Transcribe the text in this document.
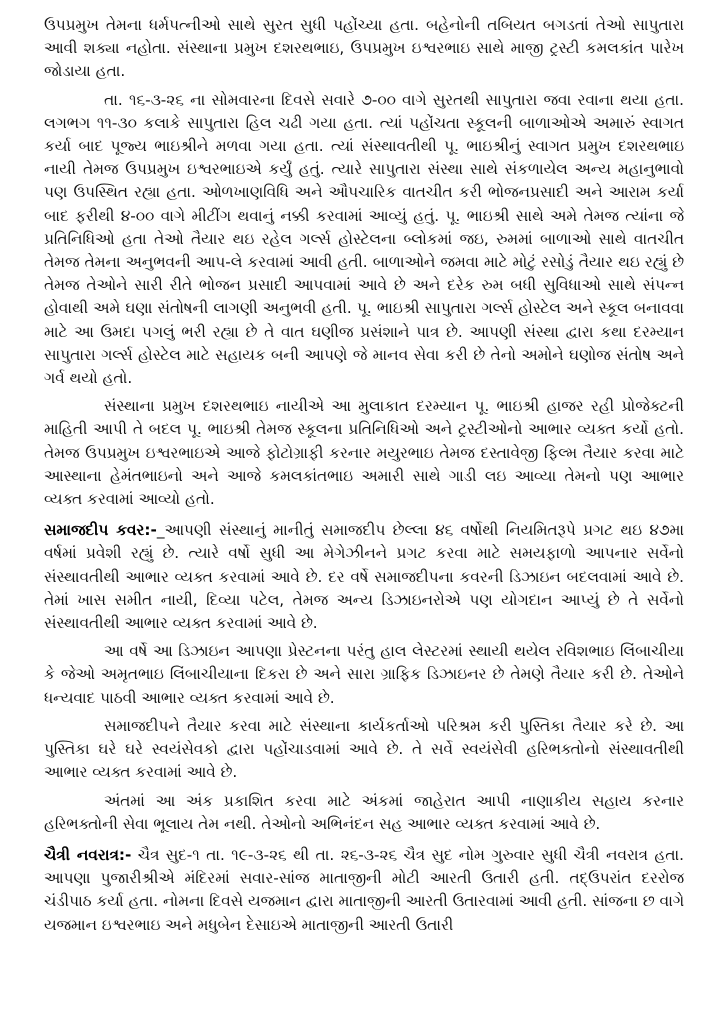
ઉપપ્રમુખ તેમના ધર્મપત્નીઓ સાથે સુરત સુધી પહોંચ્યા હતા. બહેનોની તબિયત બગડતાં તેઓ સાપુતારા આવી શક્યા નહોતા. સંસ્થાના પ્રમુખ દશરથભાઇ, ઉપપ્રમુખ ઇશ્વરભાઇ સાથે માજી ટ્રસ્ટી કમલકાંત પારેખ જોડાયા હતા.

તા. ૧૬-૩-૨૬ ના સોમવારના દિવસે સવારે ૭-૦૦ વાગે સુરતથી સાપુતારા જવા રવાના થયા હતા. લગભગ ૧૧-૩૦ કલાકે સાપુતારા હિલ ચઢી ગયા હતા. ત્યાં પહોંચતા સ્કૂલની બાળાઓએ અમારું સ્વાગત કર્યા બાદ પૂજ્ય ભાઇશ્રીને મળવા ગયા હતા. ત્યાં સંસ્થાવતીથી પૂ. ભાઇશ્રીનું સ્વાગત પ્રમુખ દશરથભાઇ નાયી તેમજ ઉપપ્રમુખ ઇશ્વરભાઇએ કર્યું હતું. ત્યારે સાપુતારા સંસ્થા સાથે સંકળાયેલ અન્ય મહાનુભાવો પણ ઉપસ્થિત રહ્યા હતા. ઓળખાણવિધિ અને ઔપચારિક વાતચીત કરી ભોજનપ્રસાદી અને આરામ કર્યા બાદ ફરીથી ૪-૦૦ વાગે મીટીંગ થવાનું નક્કી કરવામાં આવ્યું હતું. પૂ. ભાઇશ્રી સાથે અમે તેમજ ત્યાંના જે પ્રતિનિધિઓ હતા તેઓ તૈયાર થઇ રહેલ ગર્લ્સ હોસ્ટેલના બ્લોકમાં જઇ, રુમમાં બાળાઓ સાથે વાતચીત તેમજ તેમના અનુભવની આપ-લે કરવામાં આવી હતી. બાળાઓને જમવા માટે મોટું રસોડું તૈયાર થઇ રહ્યું છે તેમજ તેઓને સારી રીતે ભોજન પ્રસાદી આપવામાં આવે છે અને દરેક રુમ બધી સુવિધાઓ સાથે સંપન્ન હોવાથી અમે ઘણા સંતોષની લાગણી અનુભવી હતી. પૂ. ભાઇશ્રી સાપુતારા ગર્લ્સ હોસ્ટેલ અને સ્કૂલ બનાવવા માટે આ ઉમદા પગલું ભરી રહ્યા છે તે વાત ઘણીજ પ્રસંશાને પાત્ર છે. આપણી સંસ્થા દ્વારા કથા દરમ્યાન સાપુતારા ગર્લ્સ હોસ્ટેલ માટે સહાયક બની આપણે જે માનવ સેવા કરી છે તેનો અમોને ઘણોજ સંતોષ અને ગર્વ થયો હતો.

સંસ્થાના પ્રમુખ દશરથભાઇ નાયીએ આ મુલાકાત દરમ્યાન પૂ. ભાઇશ્રી હાજર રહી પ્રોજેક્ટની માહિતી આપી તે બદલ પૂ. ભાઇશ્રી તેમજ સ્કૂલના પ્રતિનિધિઓ અને ટ્રસ્ટીઓનો આભાર વ્યક્ત કર્યો હતો. તેમજ ઉપપ્રમુખ ઇશ્વરભાઇએ આજે ફોટોગ્રાફી કરનાર મયુરભાઇ તેમજ દસ્તાવેજી ફિલ્મ તૈયાર કરવા માટે આસ્થાના હેમંતભાઇનો અને આજે કમલકાંતભાઇ અમારી સાથે ગાડી લઇ આવ્યા તેમનો પણ આભાર વ્યક્ત કરવામાં આવ્યો હતો.

સમાજદીપ કવર:-_આપણી સંસ્થાનું માનીતું સમાજદીપ છેલ્લા ૪૬ વર્ષોથી નિયમિતરૂપે પ્રગટ થઇ ૪૭મા વર્ષમાં પ્રવેશી રહ્યું છે. ત્યારે વર્ષો સુધી આ મેગેઝીનને પ્રગટ કરવા માટે સમયફાળો આપનાર સર્વેનો સંસ્થાવતીથી આભાર વ્યક્ત કરવામાં આવે છે. દર વર્ષે સમાજદીપના કવરની ડિઝાઇન બદલવામાં આવે છે. તેમાં ખાસ સમીત નાયી, દિવ્યા પટેલ, તેમજ અન્ય ડિઝાઇનરોએ પણ યોગદાન આપ્યું છે તે સર્વેનો સંસ્થાવતીથી આભાર વ્યક્ત કરવામાં આવે છે.

આ વર્ષે આ ડિઝાઇન આપણા પ્રેસ્ટનના પરંતુ હાલ લેસ્ટરમાં સ્થાયી થયેલ રવિશભાઇ લિંબાચીયા કે જેઓ અમૃતભાઇ લિંબાચીયાના દિકરા છે અને સારા ગ્રાફિક ડિઝાઇનર છે તેમણે તૈયાર કરી છે. તેઓને ધન્યવાદ પાઠવી આભાર વ્યક્ત કરવામાં આવે છે.

સમાજદીપને તૈયાર કરવા માટે સંસ્થાના કાર્યકર્તાઓ પરિશ્રમ કરી પુસ્તિકા તૈયાર કરે છે. આ પુસ્તિકા ઘરે ઘરે સ્વયંસેવકો દ્વારા પહોંચાડવામાં આવે છે. તે સર્વે સ્વયંસેવી હરિભક્તોનો સંસ્થાવતીથી આભાર વ્યક્ત કરવામાં આવે છે.

અંતમાં આ અંક પ્રકાશિત કરવા માટે અંકમાં જાહેરાત આપી નાણાકીય સહાય કરનાર હરિભક્તોની સેવા ભૂલાય તેમ નથી. તેઓનો અભિનંદન સહ આભાર વ્યક્ત કરવામાં આવે છે.

ચૈત્રી નવરાત્ર:- ચૈત્ર સુદ-૧ તા. ૧૯-૩-૨૬ થી તા. ૨૬-૩-૨૬ ચૈત્ર સુદ નોમ ગુરુવાર સુધી ચૈત્રી નવરાત્ર હતા. આપણા પુજારીશ્રીએ મંદિરમાં સવાર-સાંજ માતાજીની મોટી આરતી ઉતારી હતી. તદ્ઉપરાંત દરરોજ ચંડીપાઠ કર્યા હતા. નોમના દિવસે યજમાન દ્વારા માતાજીની આરતી ઉતારવામાં આવી હતી. સાંજના છ વાગે યજમાન ઇશ્વરભાઇ અને મધુબેન દેસાઇએ માતાજીની આરતી ઉતારી
